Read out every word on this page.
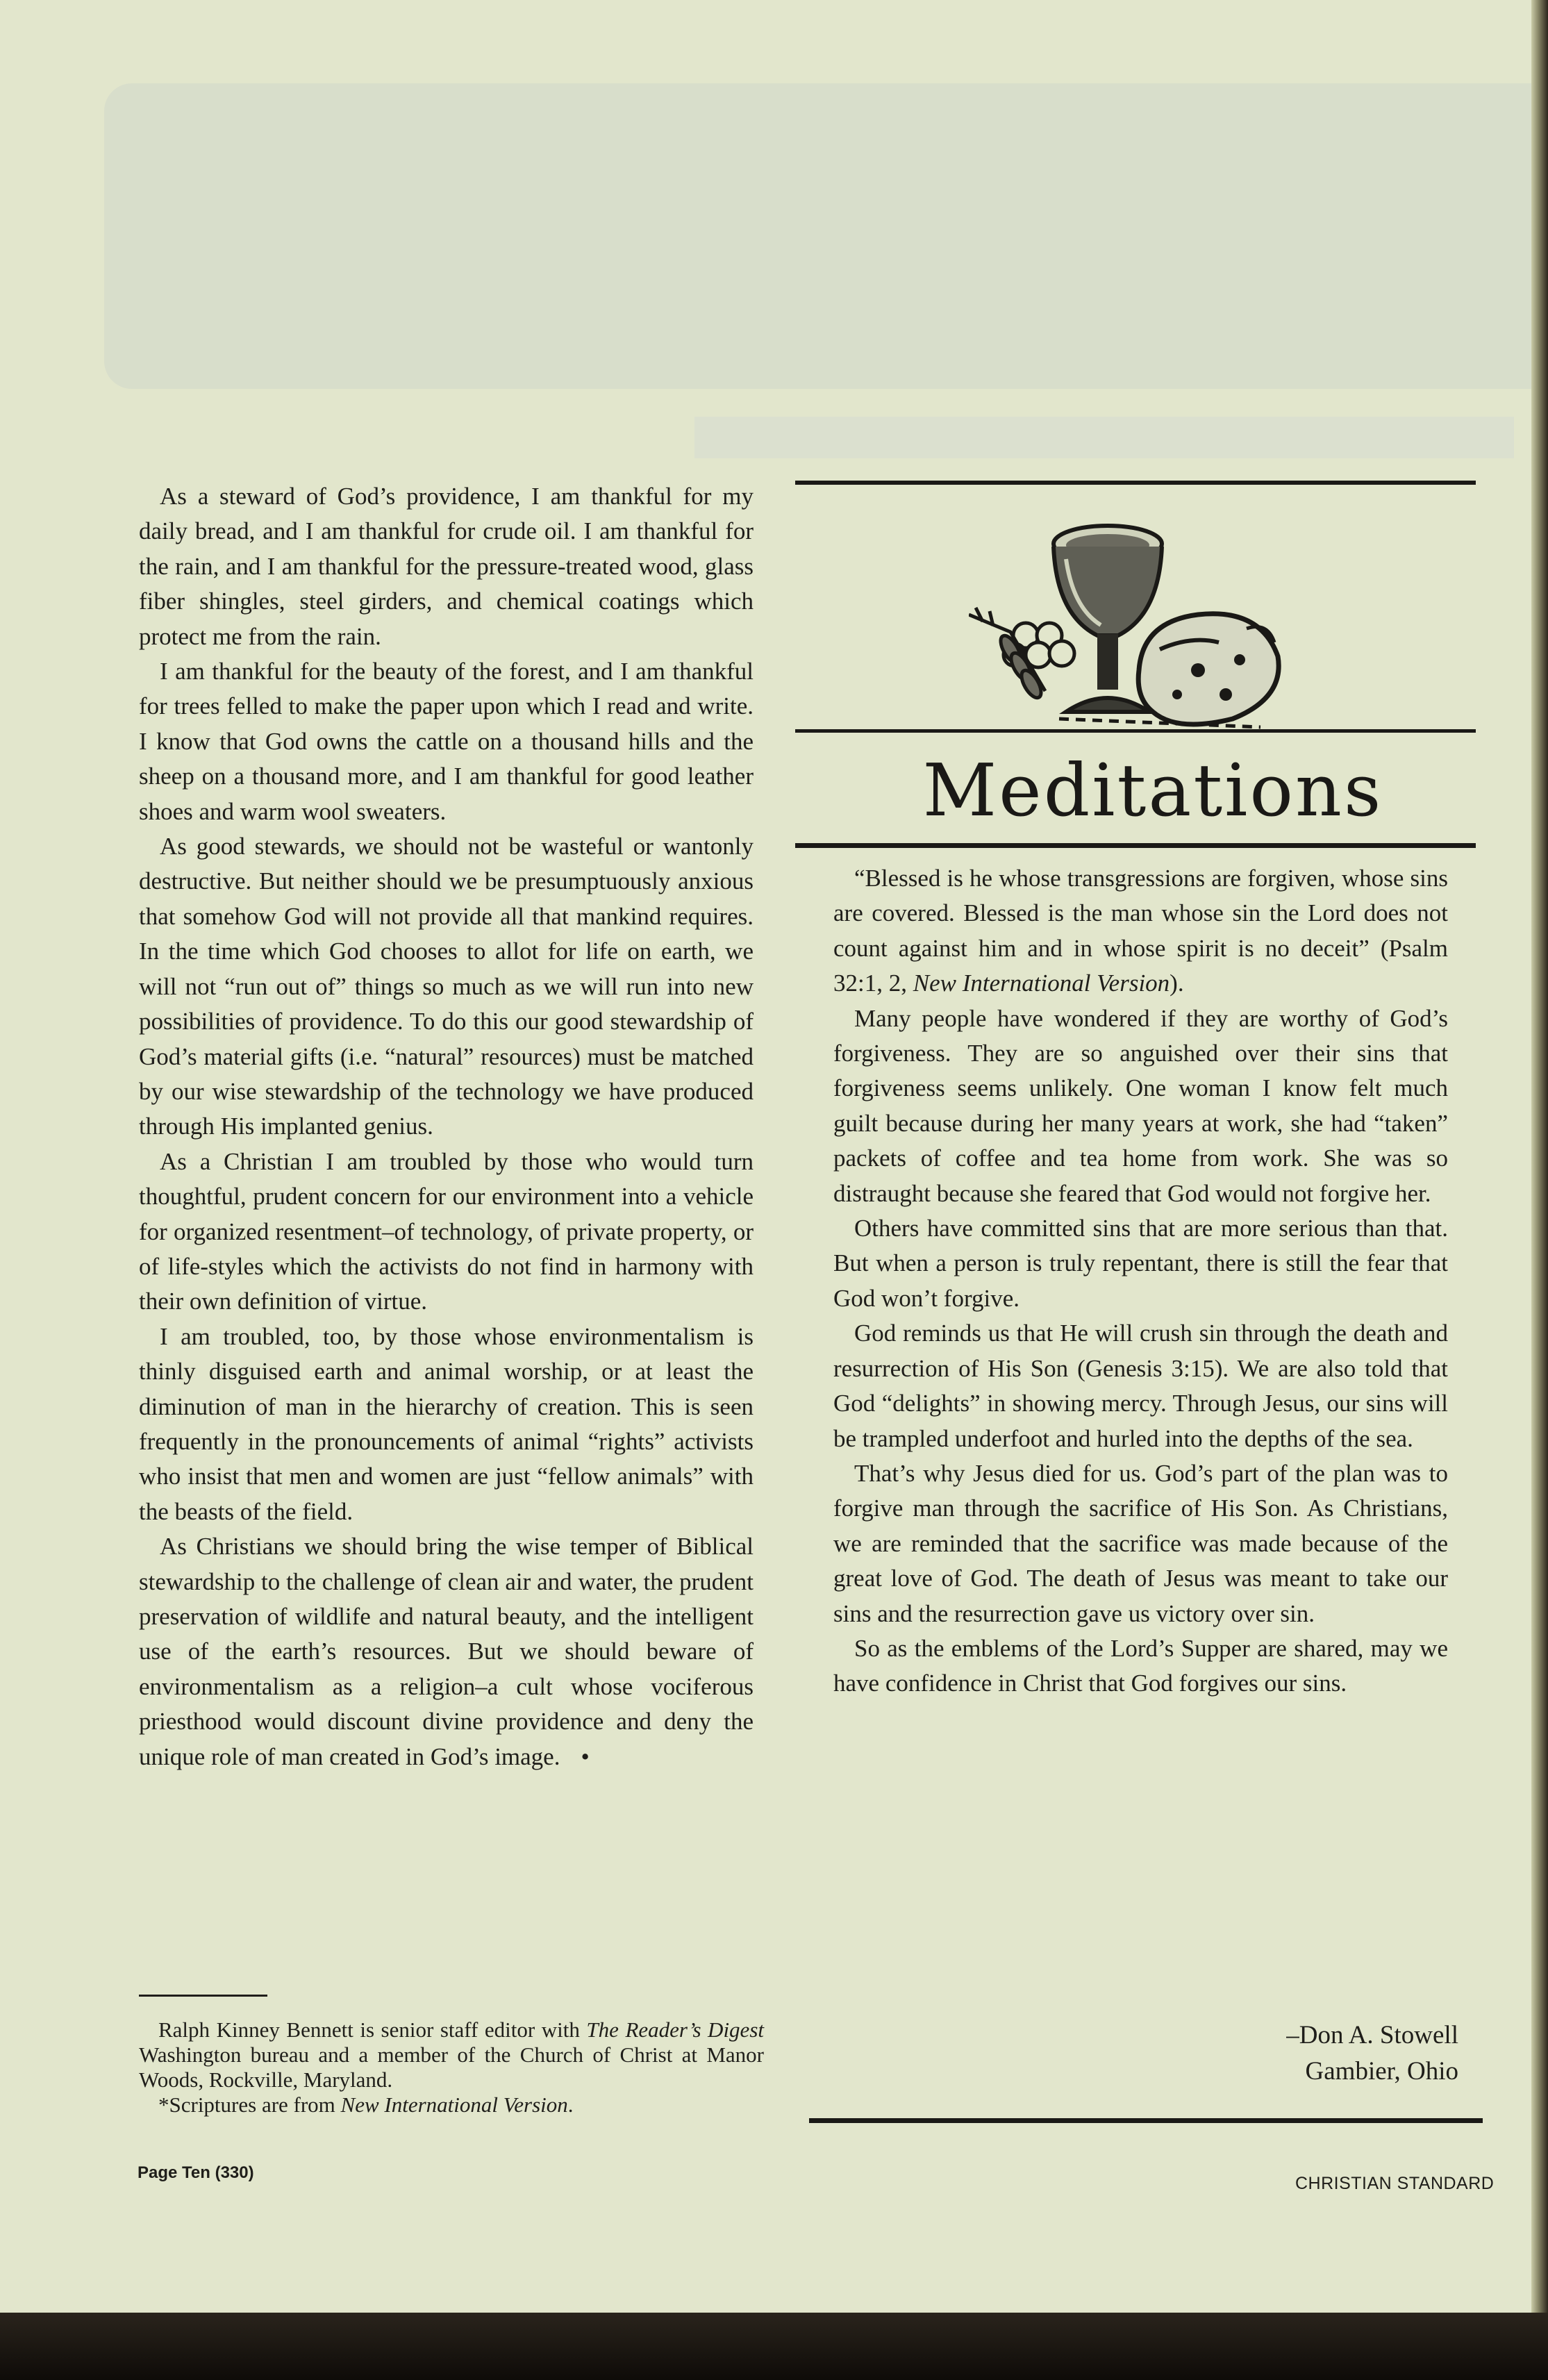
As a steward of God’s providence, I am thankful for my daily bread, and I am thankful for crude oil. I am thankful for the rain, and I am thankful for the pressure-treated wood, glass fiber shingles, steel girders, and chemical coatings which protect me from the rain.

I am thankful for the beauty of the forest, and I am thankful for trees felled to make the paper upon which I read and write. I know that God owns the cattle on a thousand hills and the sheep on a thousand more, and I am thankful for good leather shoes and warm wool sweaters.

As good stewards, we should not be wasteful or wantonly destructive. But neither should we be presumptuously anxious that somehow God will not provide all that mankind requires. In the time which God chooses to allot for life on earth, we will not “run out of” things so much as we will run into new possibilities of providence. To do this our good stewardship of God’s material gifts (i.e. “natural” resources) must be matched by our wise stewardship of the technology we have produced through His implanted genius.

As a Christian I am troubled by those who would turn thoughtful, prudent concern for our environment into a vehicle for organized resentment–of technology, of private property, or of life-styles which the activists do not find in harmony with their own definition of virtue.

I am troubled, too, by those whose environmentalism is thinly disguised earth and animal worship, or at least the diminution of man in the hierarchy of creation. This is seen frequently in the pronouncements of animal “rights” activists who insist that men and women are just “fellow animals” with the beasts of the field.

As Christians we should bring the wise temper of Biblical stewardship to the challenge of clean air and water, the prudent preservation of wildlife and natural beauty, and the intelligent use of the earth’s resources. But we should beware of environmentalism as a religion–a cult whose vociferous priesthood would discount divine providence and deny the unique role of man created in God’s image. •

Ralph Kinney Bennett is senior staff editor with The Reader’s Digest Washington bureau and a member of the Church of Christ at Manor Woods, Rockville, Maryland.

*Scriptures are from New International Version.

Meditations

“Blessed is he whose transgressions are forgiven, whose sins are covered. Blessed is the man whose sin the Lord does not count against him and in whose spirit is no deceit” (Psalm 32:1, 2, New International Version).

Many people have wondered if they are worthy of God’s forgiveness. They are so anguished over their sins that forgiveness seems unlikely. One woman I know felt much guilt because during her many years at work, she had “taken” packets of coffee and tea home from work. She was so distraught because she feared that God would not forgive her.

Others have committed sins that are more serious than that. But when a person is truly repentant, there is still the fear that God won’t forgive.

God reminds us that He will crush sin through the death and resurrection of His Son (Genesis 3:15). We are also told that God “delights” in showing mercy. Through Jesus, our sins will be trampled underfoot and hurled into the depths of the sea.

That’s why Jesus died for us. God’s part of the plan was to forgive man through the sacrifice of His Son. As Christians, we are reminded that the sacrifice was made because of the great love of God. The death of Jesus was meant to take our sins and the resurrection gave us victory over sin.

So as the emblems of the Lord’s Supper are shared, may we have confidence in Christ that God forgives our sins.

–Don A. Stowell
Gambier, Ohio
Page Ten (330)
CHRISTIAN STANDARD
